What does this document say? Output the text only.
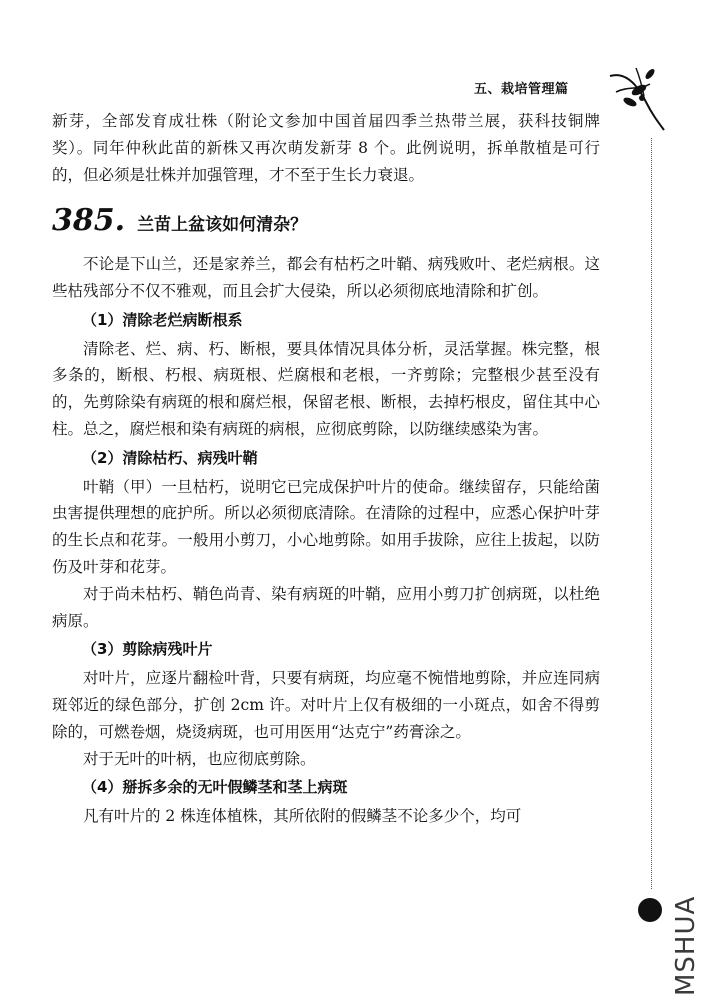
五、栽培管理篇

新芽，全部发育成壮株（附论文参加中国首届四季兰热带兰展，获科技铜牌奖）。同年仲秋此苗的新株又再次萌发新芽 8 个。此例说明，拆单散植是可行的，但必须是壮株并加强管理，才不至于生长力衰退。

385. 兰苗上盆该如何清杂？

不论是下山兰，还是家养兰，都会有枯朽之叶鞘、病残败叶、老烂病根。这些枯残部分不仅不雅观，而且会扩大侵染，所以必须彻底地清除和扩创。

（1）清除老烂病断根系

清除老、烂、病、朽、断根，要具体情况具体分析，灵活掌握。株完整，根多条的，断根、朽根、病斑根、烂腐根和老根，一齐剪除；完整根少甚至没有的，先剪除染有病斑的根和腐烂根，保留老根、断根，去掉朽根皮，留住其中心柱。总之，腐烂根和染有病斑的病根，应彻底剪除，以防继续感染为害。

（2）清除枯朽、病残叶鞘

叶鞘（甲）一旦枯朽，说明它已完成保护叶片的使命。继续留存，只能给菌虫害提供理想的庇护所。所以必须彻底清除。在清除的过程中，应悉心保护叶芽的生长点和花芽。一般用小剪刀，小心地剪除。如用手拔除，应往上拔起，以防伤及叶芽和花芽。

对于尚未枯朽、鞘色尚青、染有病斑的叶鞘，应用小剪刀扩创病斑，以杜绝病原。

（3）剪除病残叶片

对叶片，应逐片翻检叶背，只要有病斑，均应毫不惋惜地剪除，并应连同病斑邻近的绿色部分，扩创 2cm 许。对叶片上仅有极细的一小斑点，如舍不得剪除的，可燃卷烟，烧烫病斑，也可用医用“达克宁”药膏涂之。

对于无叶的叶柄，也应彻底剪除。

（4）掰拆多余的无叶假鳞茎和茎上病斑

凡有叶片的 2 株连体植株，其所依附的假鳞茎不论多少个，均可

MSHUA
